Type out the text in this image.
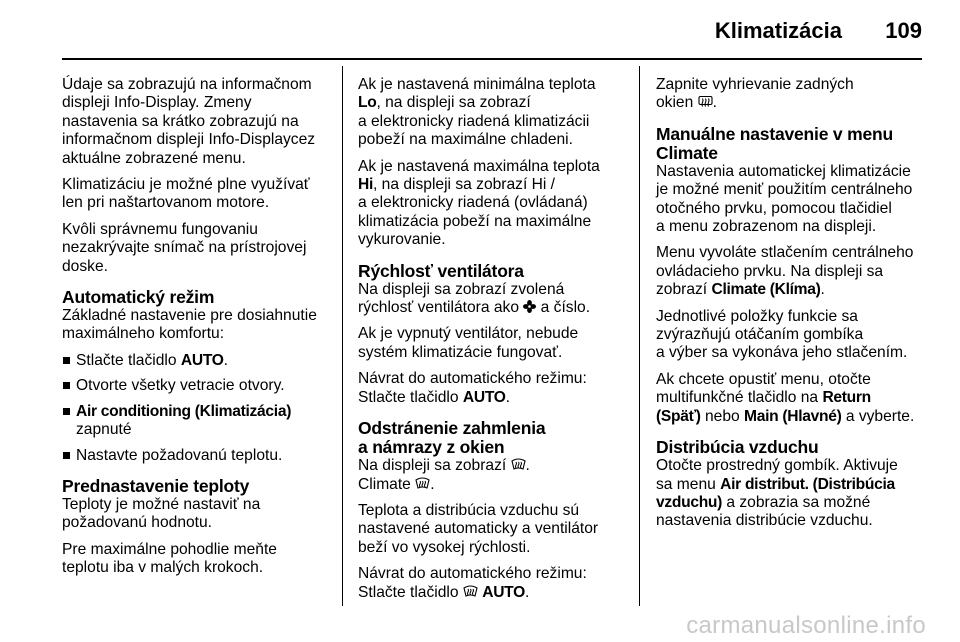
Klimatizácia 109

Údaje sa zobrazujú na informačnom
displeji Info-Display. Zmeny
nastavenia sa krátko zobrazujú na
informačnom displeji Info-Displaycez
aktuálne zobrazené menu.

Klimatizáciu je možné plne využívať
len pri naštartovanom motore.

Kvôli správnemu fungovaniu
nezakrývajte snímač na prístrojovej
doske.

Automatický režim

Základné nastavenie pre dosiahnutie
maximálneho komfortu:

Stlačte tlačidlo AUTO.
Otvorte všetky vetracie otvory.
Air conditioning (Klimatizácia)
zapnuté
Nastavte požadovanú teplotu.
Prednastavenie teploty

Teploty je možné nastaviť na
požadovanú hodnotu.

Pre maximálne pohodlie meňte
teplotu iba v malých krokoch.

Ak je nastavená minimálna teplota
Lo, na displeji sa zobrazí
a elektronicky riadená klimatizácii
pobeží na maximálne chladeni.

Ak je nastavená maximálna teplota
Hi, na displeji sa zobrazí Hi /
a elektronicky riadená (ovládaná)
klimatizácia pobeží na maximálne
vykurovanie.

Rýchlosť ventilátora

Na displeji sa zobrazí zvolená
rýchlosť ventilátora ako  a číslo.

Ak je vypnutý ventilátor, nebude
systém klimatizácie fungovať.

Návrat do automatického režimu:
Stlačte tlačidlo AUTO.

Odstránenie zahmlenia
a námrazy z okien

Na displeji sa zobrazí .
Climate .

Teplota a distribúcia vzduchu sú
nastavené automaticky a ventilátor
beží vo vysokej rýchlosti.

Návrat do automatického režimu:
Stlačte tlačidlo  AUTO.

Zapnite vyhrievanie zadných
okien .

Manuálne nastavenie v menu
Climate

Nastavenia automatickej klimatizácie
je možné meniť použitím centrálneho
otočného prvku, pomocou tlačidiel
a menu zobrazenom na displeji.

Menu vyvoláte stlačením centrálneho
ovládacieho prvku. Na displeji sa
zobrazí Climate (Klíma).

Jednotlivé položky funkcie sa
zvýrazňujú otáčaním gombíka
a výber sa vykonáva jeho stlačením.

Ak chcete opustiť menu, otočte
multifunkčné tlačidlo na Return
(Späť) nebo Main (Hlavné) a vyberte.

Distribúcia vzduchu

Otočte prostredný gombík. Aktivuje
sa menu Air distribut. (Distribúcia
vzduchu) a zobrazia sa možné
nastavenia distribúcie vzduchu.

carmanualsonline.info
